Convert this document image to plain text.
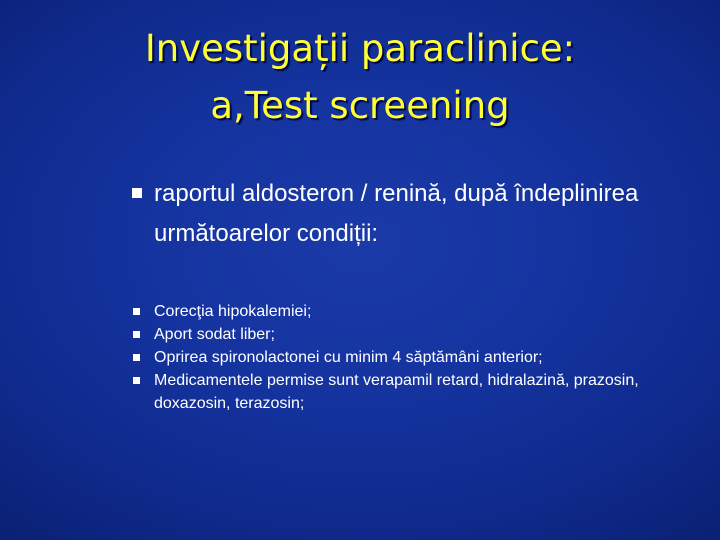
Investigații paraclinice:
a,Test screening
raportul aldosteron / renină, după îndeplinirea următoarelor condiții:
Corecţia hipokalemiei;
Aport sodat liber;
Oprirea spironolactonei cu minim 4 săptămâni anterior;
Medicamentele permise sunt verapamil retard, hidralazină, prazosin, doxazosin, terazosin;
